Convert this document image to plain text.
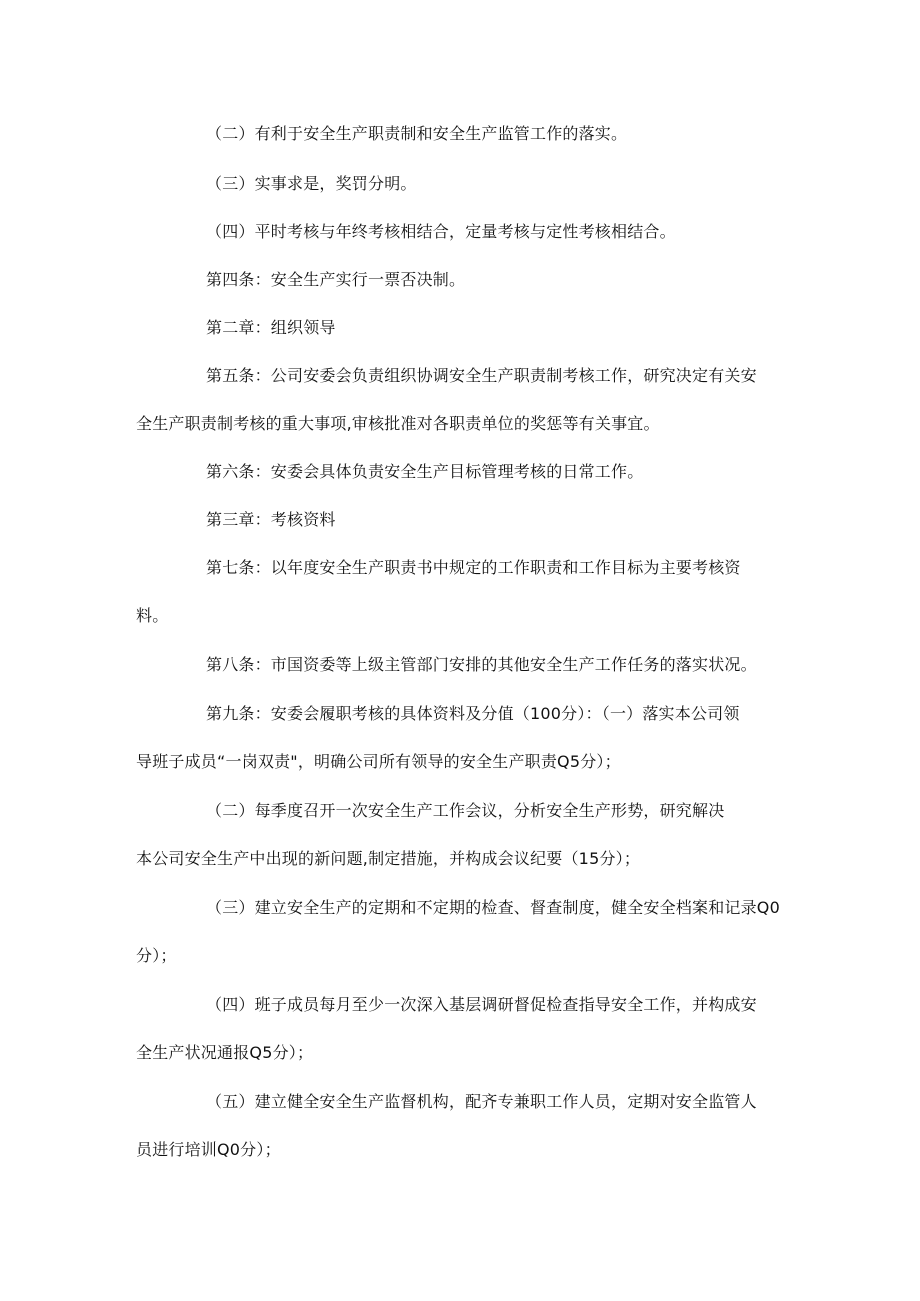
（二）有利于安全生产职责制和安全生产监管工作的落实。
（三）实事求是，奖罚分明。
（四）平时考核与年终考核相结合，定量考核与定性考核相结合。
第四条：安全生产实行一票否决制。
第二章：组织领导
第五条：公司安委会负责组织协调安全生产职责制考核工作，研究决定有关安
全生产职责制考核的重大事项,审核批准对各职责单位的奖惩等有关事宜。
第六条：安委会具体负责安全生产目标管理考核的日常工作。
第三章：考核资料
第七条：以年度安全生产职责书中规定的工作职责和工作目标为主要考核资
料。
第八条：市国资委等上级主管部门安排的其他安全生产工作任务的落实状况。
第九条：安委会履职考核的具体资料及分值（100分）：（一）落实本公司领
导班子成员“一岗双责"，明确公司所有领导的安全生产职责Q5分）；
（二）每季度召开一次安全生产工作会议，分析安全生产形势，研究解决
本公司安全生产中出现的新问题,制定措施，并构成会议纪要（15分）；
（三）建立安全生产的定期和不定期的检查、督查制度，健全安全档案和记录Q0
分）；
（四）班子成员每月至少一次深入基层调研督促检查指导安全工作，并构成安
全生产状况通报Q5分）；
（五）建立健全安全生产监督机构，配齐专兼职工作人员，定期对安全监管人
员进行培训Q0分）；
